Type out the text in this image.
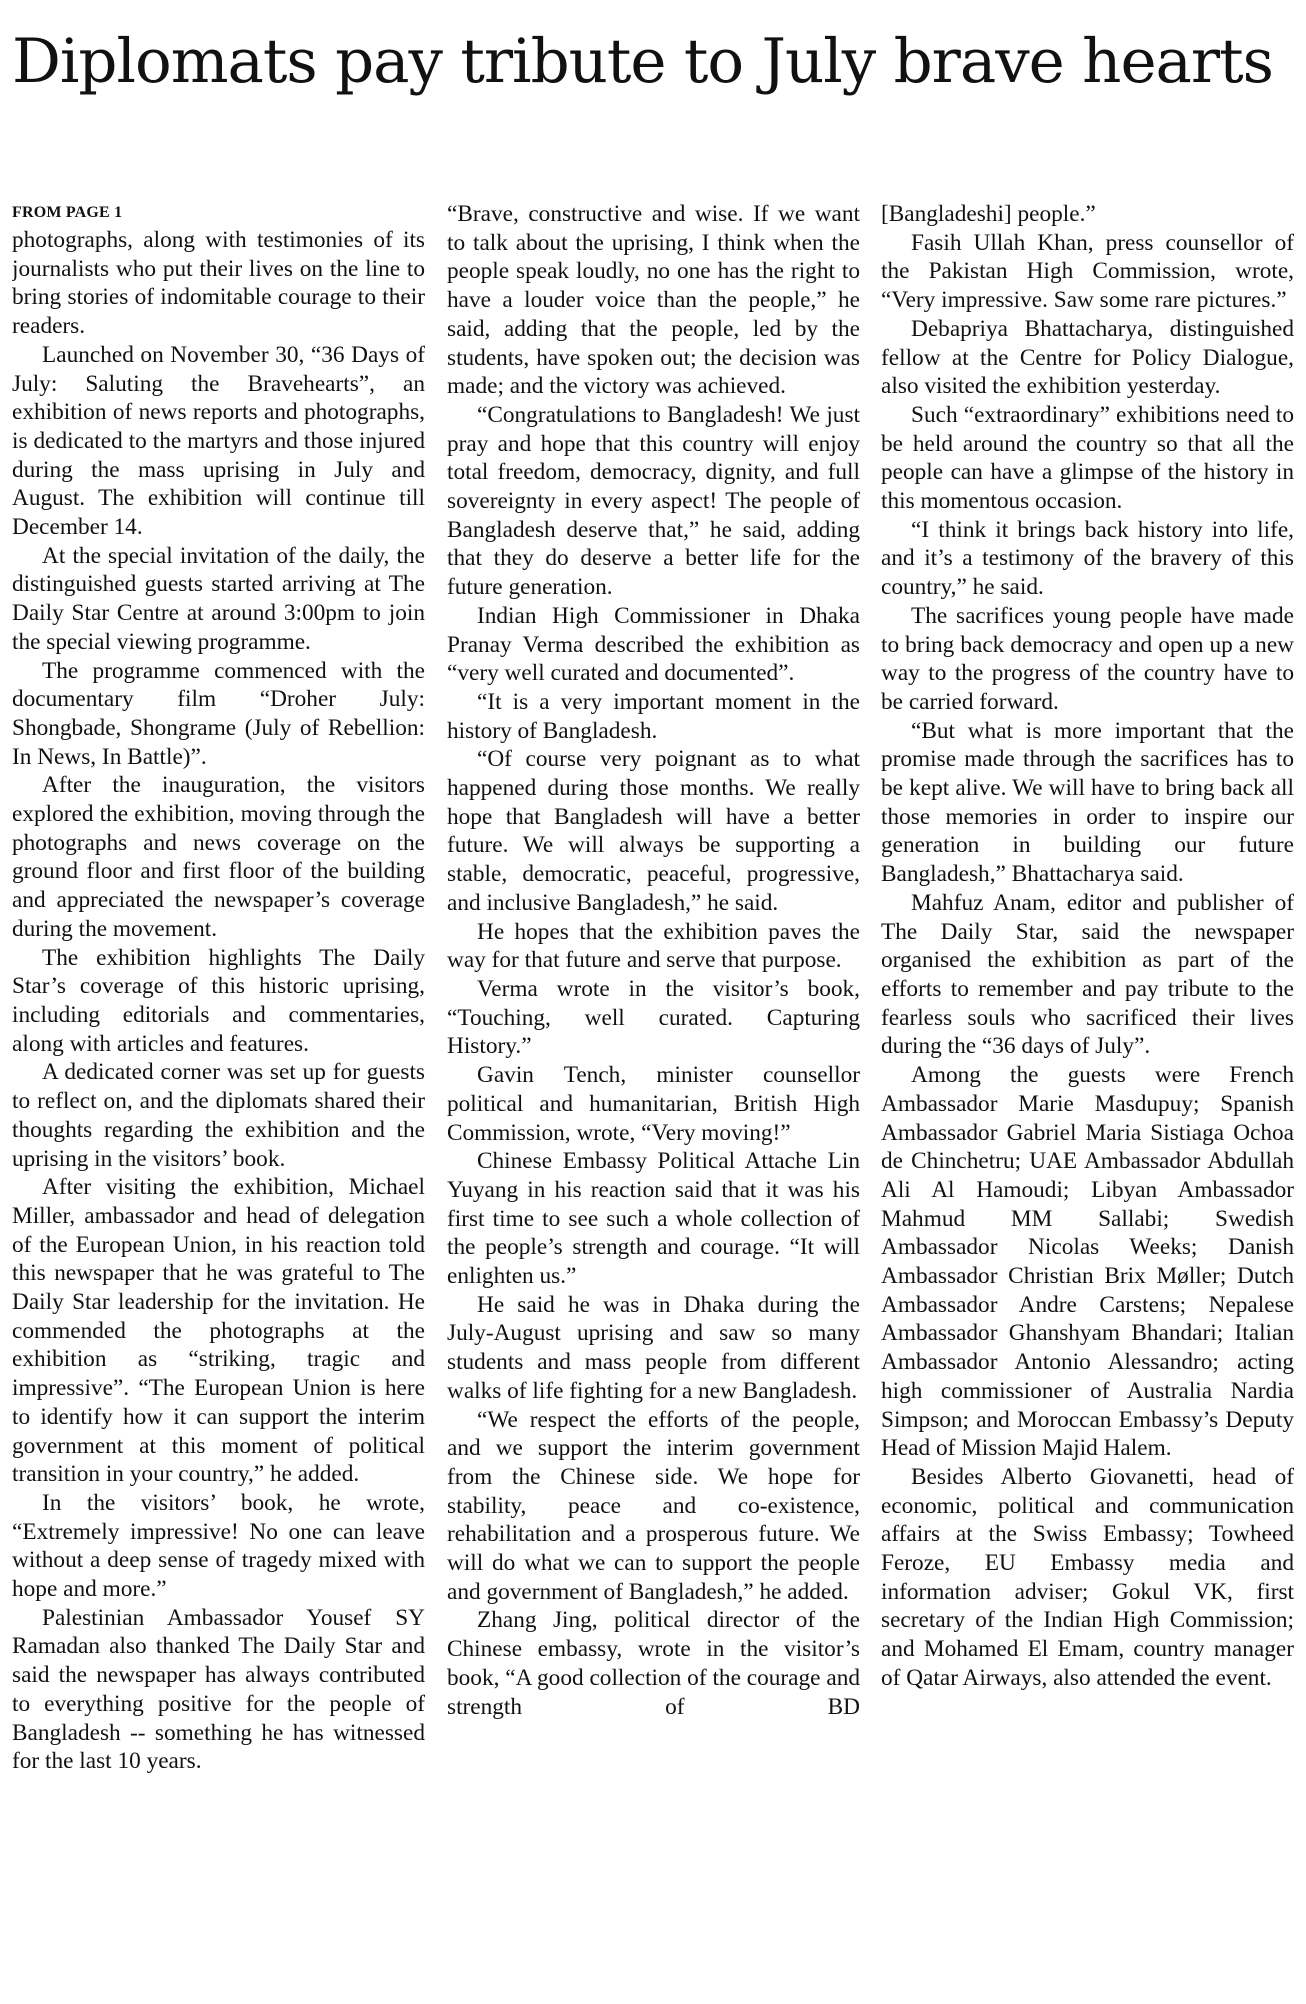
Diplomats pay tribute to July brave hearts
FROM PAGE 1

photographs, along with testimonies of its journalists who put their lives on the line to bring stories of indomitable courage to their readers.

Launched on November 30, “36 Days of July: Saluting the Bravehearts”, an exhibition of news reports and photographs, is dedicated to the martyrs and those injured during the mass uprising in July and August. The exhibition will continue till December 14.

At the special invitation of the daily, the distinguished guests started arriving at The Daily Star Centre at around 3:00pm to join the special viewing programme.

The programme commenced with the documentary film “Droher July: Shongbade, Shongrame (July of Rebellion: In News, In Battle)”.

After the inauguration, the visitors explored the exhibition, moving through the photographs and news coverage on the ground floor and first floor of the building and appreciated the newspaper’s coverage during the movement.

The exhibition highlights The Daily Star’s coverage of this historic uprising, including editorials and commentaries, along with articles and features.

A dedicated corner was set up for guests to reflect on, and the diplomats shared their thoughts regarding the exhibition and the uprising in the visitors’ book.

After visiting the exhibition, Michael Miller, ambassador and head of delegation of the European Union, in his reaction told this newspaper that he was grateful to The Daily Star leadership for the invitation. He commended the photographs at the exhibition as “striking, tragic and impressive”. “The European Union is here to identify how it can support the interim government at this moment of political transition in your country,” he added.

In the visitors’ book, he wrote, “Extremely impressive! No one can leave without a deep sense of tragedy mixed with hope and more.”

Palestinian Ambassador Yousef SY Ramadan also thanked The Daily Star and said the newspaper has always contributed to everything positive for the people of Bangladesh -- something he has witnessed for the last 10 years.

“Brave, constructive and wise. If we want to talk about the uprising, I think when the people speak loudly, no one has the right to have a louder voice than the people,” he said, adding that the people, led by the students, have spoken out; the decision was made; and the victory was achieved.

“Congratulations to Bangladesh! We just pray and hope that this country will enjoy total freedom, democracy, dignity, and full sovereignty in every aspect! The people of Bangladesh deserve that,” he said, adding that they do deserve a better life for the future generation.

Indian High Commissioner in Dhaka Pranay Verma described the exhibition as “very well curated and documented”.

“It is a very important moment in the history of Bangladesh.

“Of course very poignant as to what happened during those months. We really hope that Bangladesh will have a better future. We will always be supporting a stable, democratic, peaceful, progressive, and inclusive Bangladesh,” he said.

He hopes that the exhibition paves the way for that future and serve that purpose.

Verma wrote in the visitor’s book, “Touching, well curated. Capturing History.”

Gavin Tench, minister counsellor political and humanitarian, British High Commission, wrote, “Very moving!”

Chinese Embassy Political Attache Lin Yuyang in his reaction said that it was his first time to see such a whole collection of the people’s strength and courage. “It will enlighten us.”

He said he was in Dhaka during the July-August uprising and saw so many students and mass people from different walks of life fighting for a new Bangladesh.

“We respect the efforts of the people, and we support the interim government from the Chinese side. We hope for stability, peace and co-existence, rehabilitation and a prosperous future. We will do what we can to support the people and government of Bangladesh,” he added.

Zhang Jing, political director of the Chinese embassy, wrote in the visitor’s book, “A good collection of the courage and strength of BD

[Bangladeshi] people.”

Fasih Ullah Khan, press counsellor of the Pakistan High Commission, wrote, “Very impressive. Saw some rare pictures.”

Debapriya Bhattacharya, distinguished fellow at the Centre for Policy Dialogue, also visited the exhibition yesterday.

Such “extraordinary” exhibitions need to be held around the country so that all the people can have a glimpse of the history in this momentous occasion.

“I think it brings back history into life, and it’s a testimony of the bravery of this country,” he said.

The sacrifices young people have made to bring back democracy and open up a new way to the progress of the country have to be carried forward.

“But what is more important that the promise made through the sacrifices has to be kept alive. We will have to bring back all those memories in order to inspire our generation in building our future Bangladesh,” Bhattacharya said.

Mahfuz Anam, editor and publisher of The Daily Star, said the newspaper organised the exhibition as part of the efforts to remember and pay tribute to the fearless souls who sacrificed their lives during the “36 days of July”.

Among the guests were French Ambassador Marie Masdupuy; Spanish Ambassador Gabriel Maria Sistiaga Ochoa de Chinchetru; UAE Ambassador Abdullah Ali Al Hamoudi; Libyan Ambassador Mahmud MM Sallabi; Swedish Ambassador Nicolas Weeks; Danish Ambassador Christian Brix Møller; Dutch Ambassador Andre Carstens; Nepalese Ambassador Ghanshyam Bhandari; Italian Ambassador Antonio Alessandro; acting high commissioner of Australia Nardia Simpson; and Moroccan Embassy’s Deputy Head of Mission Majid Halem.

Besides Alberto Giovanetti, head of economic, political and communication affairs at the Swiss Embassy; Towheed Feroze, EU Embassy media and information adviser; Gokul VK, first secretary of the Indian High Commission; and Mohamed El Emam, country manager of Qatar Airways, also attended the event.
